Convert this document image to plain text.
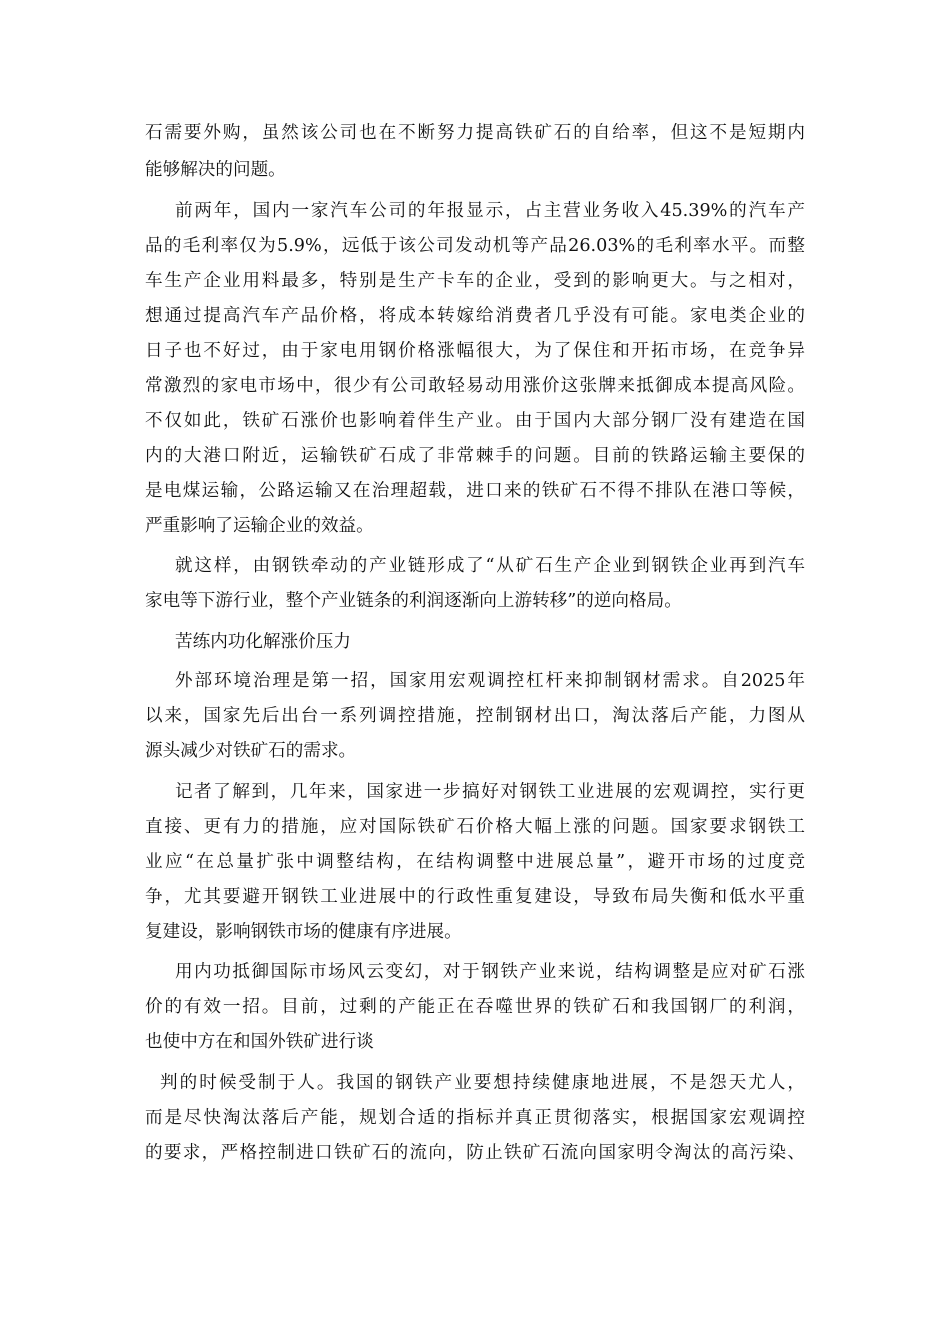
石需要外购，虽然该公司也在不断努力提高铁矿石的自给率，但这不是短期内
能够解决的问题。
前两年，国内一家汽车公司的年报显示，占主营业务收入45.39%的汽车产
品的毛利率仅为5.9%，远低于该公司发动机等产品26.03%的毛利率水平。而整
车生产企业用料最多，特别是生产卡车的企业，受到的影响更大。与之相对，
想通过提高汽车产品价格，将成本转嫁给消费者几乎没有可能。家电类企业的
日子也不好过，由于家电用钢价格涨幅很大，为了保住和开拓市场，在竞争异
常激烈的家电市场中，很少有公司敢轻易动用涨价这张牌来抵御成本提高风险。
不仅如此，铁矿石涨价也影响着伴生产业。由于国内大部分钢厂没有建造在国
内的大港口附近，运输铁矿石成了非常棘手的问题。目前的铁路运输主要保的
是电煤运输，公路运输又在治理超载，进口来的铁矿石不得不排队在港口等候，
严重影响了运输企业的效益。
就这样，由钢铁牵动的产业链形成了“从矿石生产企业到钢铁企业再到汽车
家电等下游行业，整个产业链条的利润逐渐向上游转移”的逆向格局。
苦练内功化解涨价压力
外部环境治理是第一招，国家用宏观调控杠杆来抑制钢材需求。自2025年
以来，国家先后出台一系列调控措施，控制钢材出口，淘汰落后产能，力图从
源头减少对铁矿石的需求。
记者了解到，几年来，国家进一步搞好对钢铁工业进展的宏观调控，实行更
直接、更有力的措施，应对国际铁矿石价格大幅上涨的问题。国家要求钢铁工
业应“在总量扩张中调整结构，在结构调整中进展总量”，避开市场的过度竞
争，尤其要避开钢铁工业进展中的行政性重复建设，导致布局失衡和低水平重
复建设，影响钢铁市场的健康有序进展。
用内功抵御国际市场风云变幻，对于钢铁产业来说，结构调整是应对矿石涨
价的有效一招。目前，过剩的产能正在吞噬世界的铁矿石和我国钢厂的利润，
也使中方在和国外铁矿进行谈
判的时候受制于人。我国的钢铁产业要想持续健康地进展，不是怨天尤人，
而是尽快淘汰落后产能，规划合适的指标并真正贯彻落实，根据国家宏观调控
的要求，严格控制进口铁矿石的流向，防止铁矿石流向国家明令淘汰的高污染、
